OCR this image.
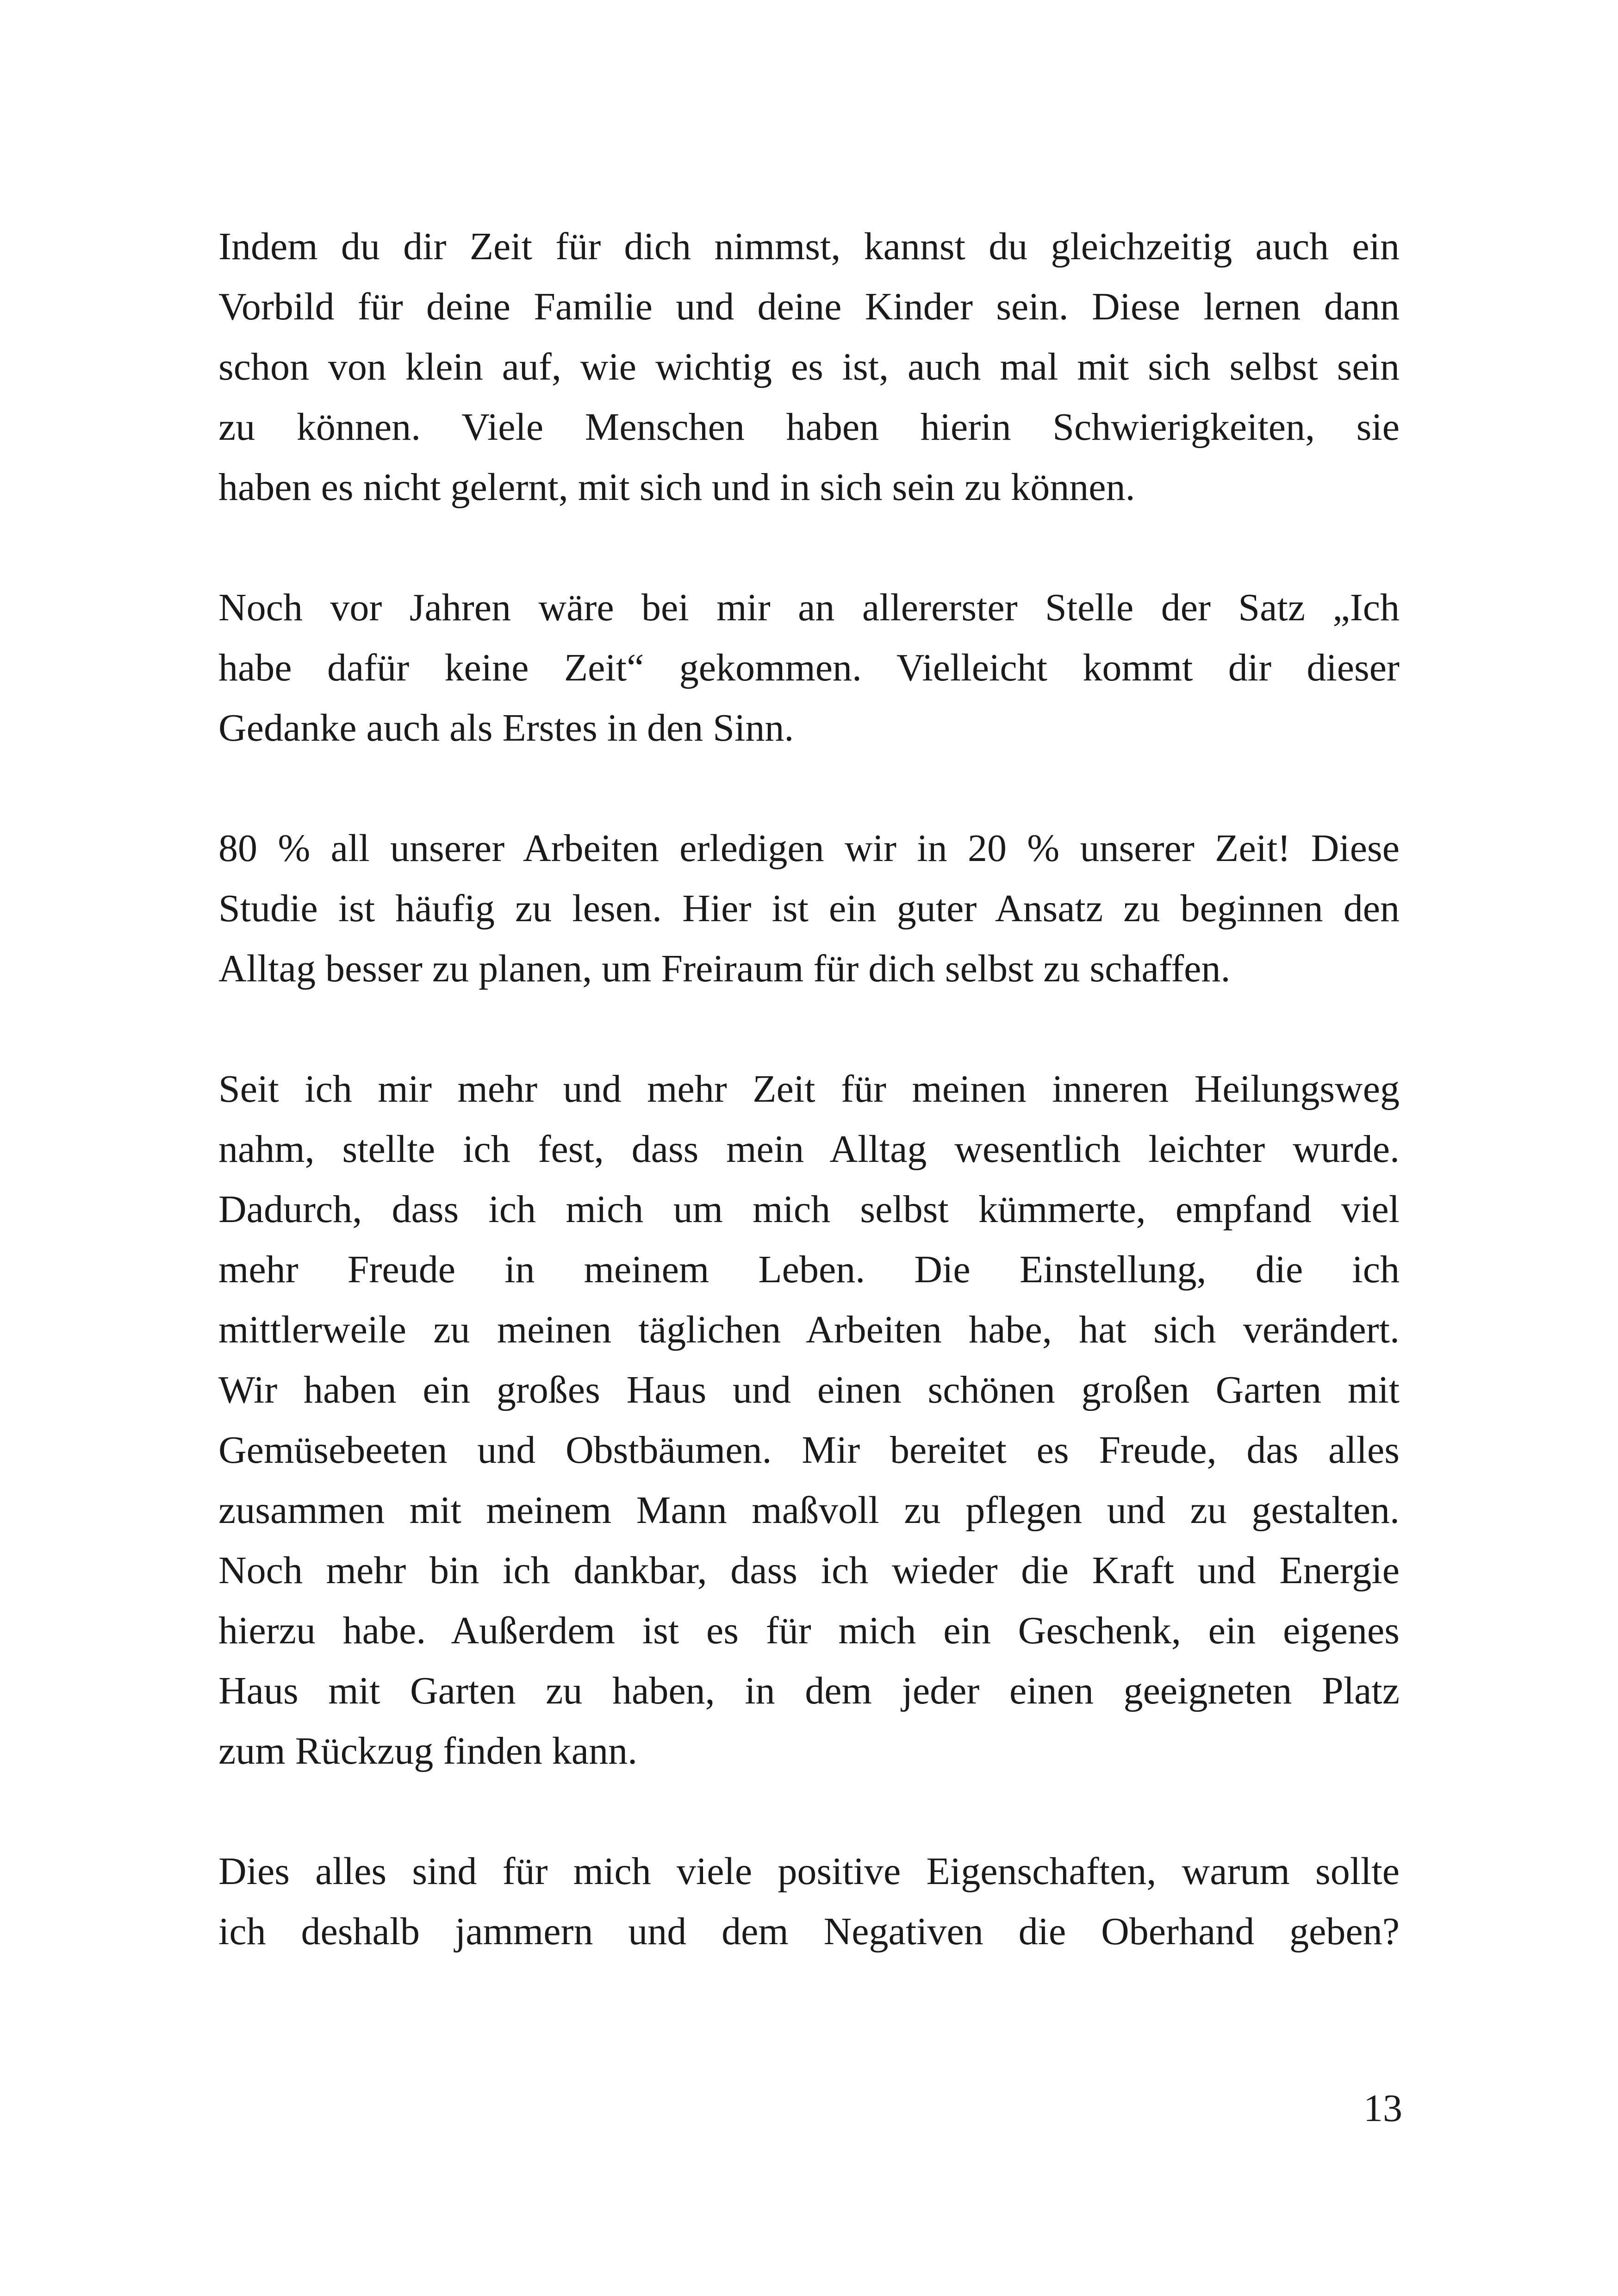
Indem du dir Zeit für dich nimmst, kannst du gleichzeitig auch ein
Vorbild für deine Familie und deine Kinder sein. Diese lernen dann
schon von klein auf, wie wichtig es ist, auch mal mit sich selbst sein
zu können. Viele Menschen haben hierin Schwierigkeiten, sie
haben es nicht gelernt, mit sich und in sich sein zu können.
Noch vor Jahren wäre bei mir an allererster Stelle der Satz „Ich
habe dafür keine Zeit“ gekommen. Vielleicht kommt dir dieser
Gedanke auch als Erstes in den Sinn.
80 % all unserer Arbeiten erledigen wir in 20 % unserer Zeit! Diese
Studie ist häufig zu lesen. Hier ist ein guter Ansatz zu beginnen den
Alltag besser zu planen, um Freiraum für dich selbst zu schaffen.
Seit ich mir mehr und mehr Zeit für meinen inneren Heilungsweg
nahm, stellte ich fest, dass mein Alltag wesentlich leichter wurde.
Dadurch, dass ich mich um mich selbst kümmerte, empfand viel
mehr Freude in meinem Leben. Die Einstellung, die ich
mittlerweile zu meinen täglichen Arbeiten habe, hat sich verändert.
Wir haben ein großes Haus und einen schönen großen Garten mit
Gemüsebeeten und Obstbäumen. Mir bereitet es Freude, das alles
zusammen mit meinem Mann maßvoll zu pflegen und zu gestalten.
Noch mehr bin ich dankbar, dass ich wieder die Kraft und Energie
hierzu habe. Außerdem ist es für mich ein Geschenk, ein eigenes
Haus mit Garten zu haben, in dem jeder einen geeigneten Platz
zum Rückzug finden kann.
Dies alles sind für mich viele positive Eigenschaften, warum sollte
ich deshalb jammern und dem Negativen die Oberhand geben?
13
